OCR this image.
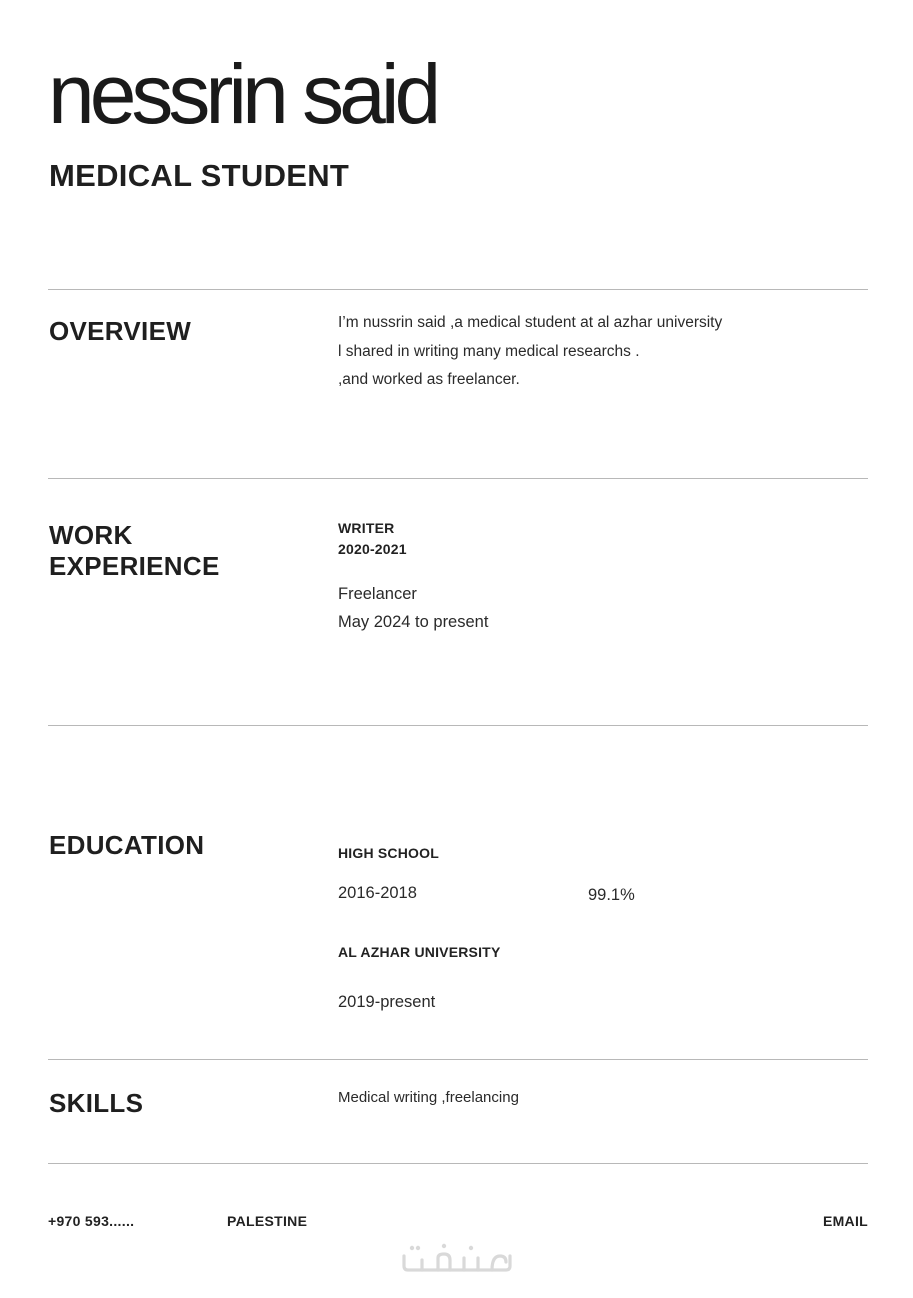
nessrin said
MEDICAL STUDENT
OVERVIEW	I’m nussrin said ,a medical student at al azhar university
l shared in writing many medical researchs .
,and worked as freelancer.
WORK
EXPERIENCE
WRITER
2020-2021
Freelancer
May 2024 to present
EDUCATION	HIGH SCHOOL
2016-2018	99.1%
AL AZHAR UNIVERSITY
2019-present
SKILLS	Medical writing ,freelancing
+970 593......	PALESTINE	EMAIL
